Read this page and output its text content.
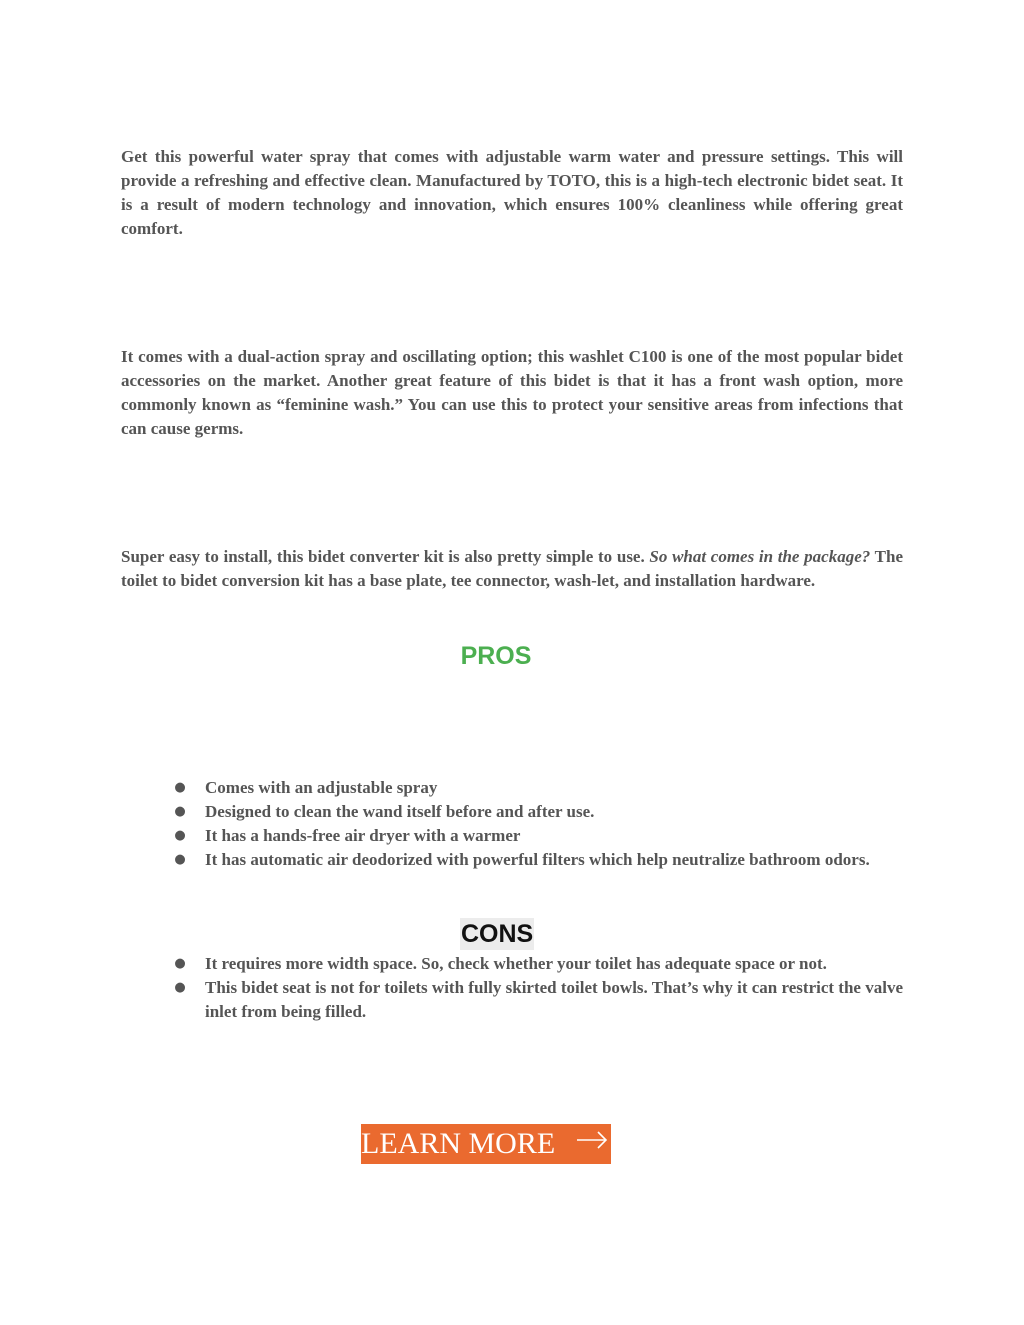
Get this powerful water spray that comes with adjustable warm water and pressure settings. This will provide a refreshing and effective clean. Manufactured by TOTO, this is a high-tech electronic bidet seat. It is a result of modern technology and innovation, which ensures 100% cleanliness while offering great comfort.

It comes with a dual-action spray and oscillating option; this washlet C100 is one of the most popular bidet accessories on the market. Another great feature of this bidet is that it has a front wash option, more commonly known as “feminine wash.” You can use this to protect your sensitive areas from infections that can cause germs.

Super easy to install, this bidet converter kit is also pretty simple to use. So what comes in the package? The toilet to bidet conversion kit has a base plate, tee connector, wash-let, and installation hardware.

PROS
● Comes with an adjustable spray
● Designed to clean the wand itself before and after use.
● It has a hands-free air dryer with a warmer
● It has automatic air deodorized with powerful filters which help neutralize bathroom odors.
CONS
● It requires more width space. So, check whether your toilet has adequate space or not.
● This bidet seat is not for toilets with fully skirted toilet bowls. That’s why it can restrict the valve inlet from being filled.
LEARN MORE
